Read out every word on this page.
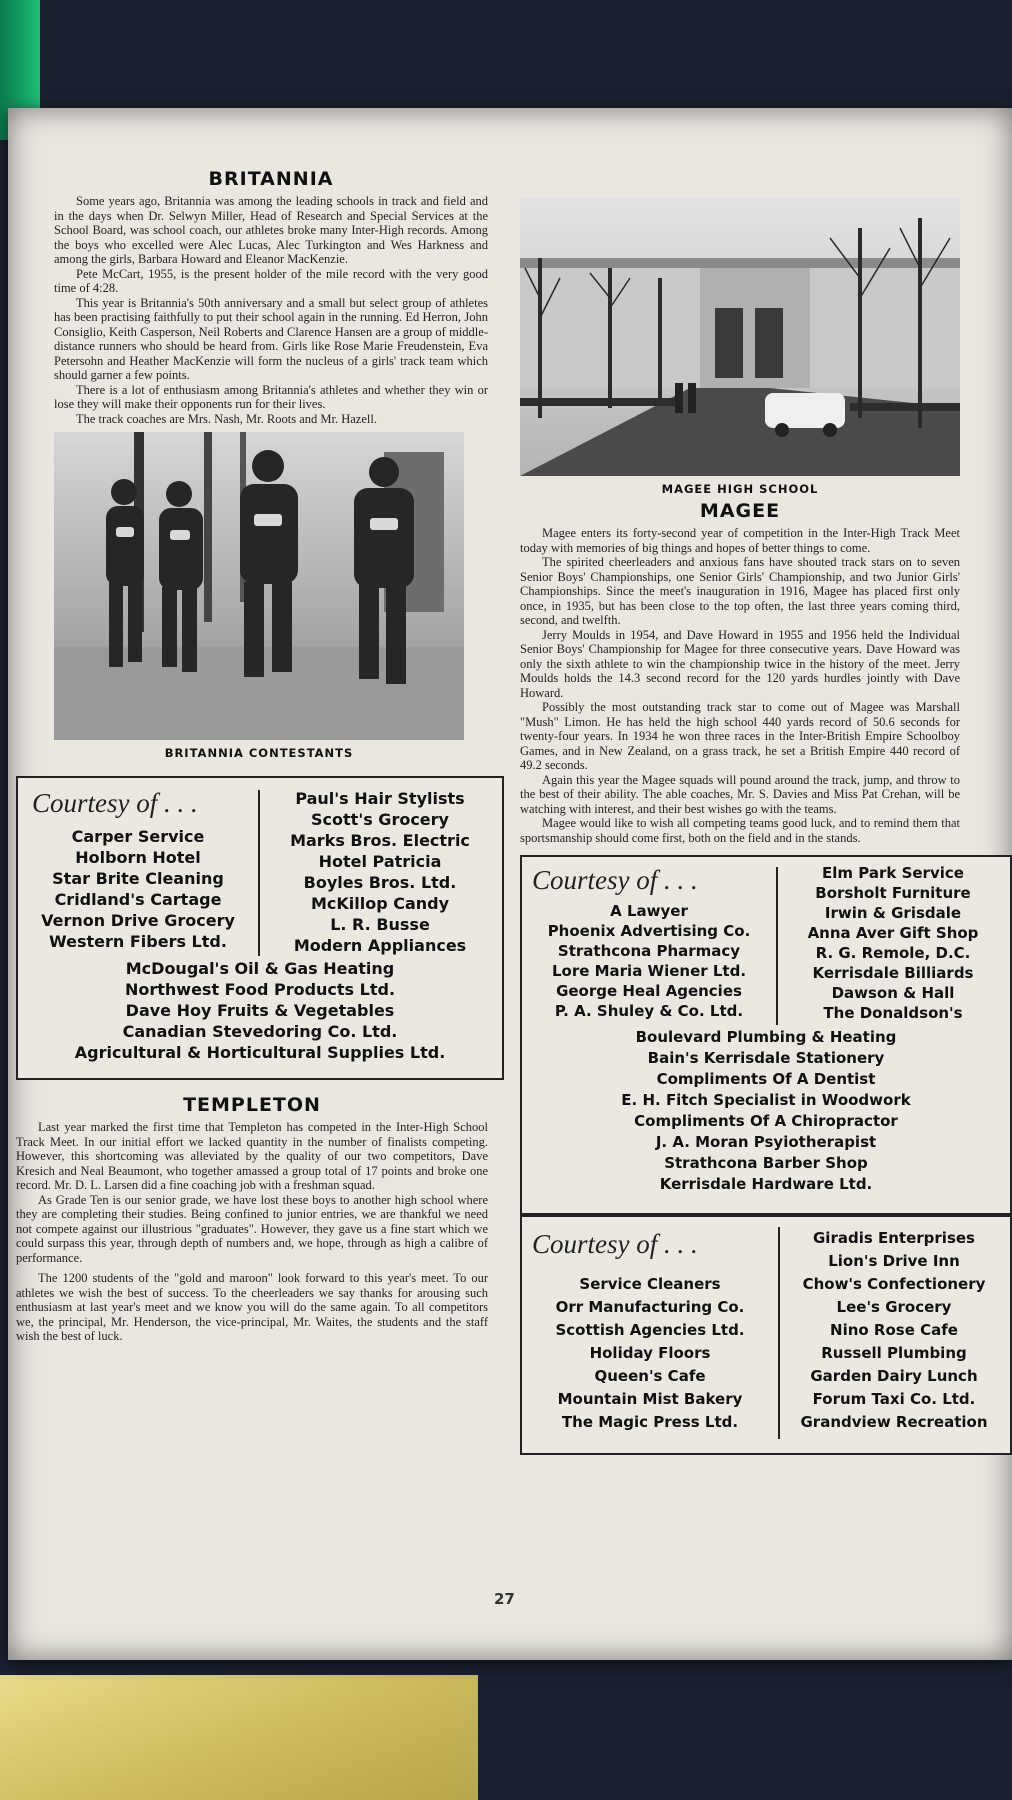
BRITANNIA

Some years ago, Britannia was among the leading schools in track and field and in the days when Dr. Selwyn Miller, Head of Research and Special Services at the School Board, was school coach, our athletes broke many Inter-High records. Among the boys who excelled were Alec Lucas, Alec Turkington and Wes Harkness and among the girls, Barbara Howard and Eleanor MacKenzie.

Pete McCart, 1955, is the present holder of the mile record with the very good time of 4:28.

This year is Britannia's 50th anniversary and a small but select group of athletes has been practising faithfully to put their school again in the running. Ed Herron, John Consiglio, Keith Casperson, Neil Roberts and Clarence Hansen are a group of middle-distance runners who should be heard from. Girls like Rose Marie Freudenstein, Eva Petersohn and Heather MacKenzie will form the nucleus of a girls' track team which should garner a few points.

There is a lot of enthusiasm among Britannia's athletes and whether they win or lose they will make their opponents run for their lives.

The track coaches are Mrs. Nash, Mr. Roots and Mr. Hazell.

BRITANNIA CONTESTANTS
Courtesy of . . .
Carper Service
Holborn Hotel
Star Brite Cleaning
Cridland's Cartage
Vernon Drive Grocery
Western Fibers Ltd.
Paul's Hair Stylists
Scott's Grocery
Marks Bros. Electric
Hotel Patricia
Boyles Bros. Ltd.
McKillop Candy
L. R. Busse
Modern Appliances
McDougal's Oil & Gas Heating
Northwest Food Products Ltd.
Dave Hoy Fruits & Vegetables
Canadian Stevedoring Co. Ltd.
Agricultural & Horticultural Supplies Ltd.
TEMPLETON

Last year marked the first time that Templeton has competed in the Inter-High School Track Meet. In our initial effort we lacked quantity in the number of finalists competing. However, this shortcoming was alleviated by the quality of our two competitors, Dave Kresich and Neal Beaumont, who together amassed a group total of 17 points and broke one record. Mr. D. L. Larsen did a fine coaching job with a freshman squad.

As Grade Ten is our senior grade, we have lost these boys to another high school where they are completing their studies. Being confined to junior entries, we are thankful we need not compete against our illustrious "graduates". However, they gave us a fine start which we could surpass this year, through depth of numbers and, we hope, through as high a calibre of performance.

The 1200 students of the "gold and maroon" look forward to this year's meet. To our athletes we wish the best of success. To the cheerleaders we say thanks for arousing such enthusiasm at last year's meet and we know you will do the same again. To all competitors we, the principal, Mr. Henderson, the vice-principal, Mr. Waites, the students and the staff wish the best of luck.

MAGEE HIGH SCHOOL
MAGEE

Magee enters its forty-second year of competition in the Inter-High Track Meet today with memories of big things and hopes of better things to come.

The spirited cheerleaders and anxious fans have shouted track stars on to seven Senior Boys' Championships, one Senior Girls' Championship, and two Junior Girls' Championships. Since the meet's inauguration in 1916, Magee has placed first only once, in 1935, but has been close to the top often, the last three years coming third, second, and twelfth.

Jerry Moulds in 1954, and Dave Howard in 1955 and 1956 held the Individual Senior Boys' Championship for Magee for three consecutive years. Dave Howard was only the sixth athlete to win the championship twice in the history of the meet. Jerry Moulds holds the 14.3 second record for the 120 yards hurdles jointly with Dave Howard.

Possibly the most outstanding track star to come out of Magee was Marshall "Mush" Limon. He has held the high school 440 yards record of 50.6 seconds for twenty-four years. In 1934 he won three races in the Inter-British Empire Schoolboy Games, and in New Zealand, on a grass track, he set a British Empire 440 record of 49.2 seconds.

Again this year the Magee squads will pound around the track, jump, and throw to the best of their ability. The able coaches, Mr. S. Davies and Miss Pat Crehan, will be watching with interest, and their best wishes go with the teams.

Magee would like to wish all competing teams good luck, and to remind them that sportsmanship should come first, both on the field and in the stands.

Courtesy of . . .
A Lawyer
Phoenix Advertising Co.
Strathcona Pharmacy
Lore Maria Wiener Ltd.
George Heal Agencies
P. A. Shuley & Co. Ltd.
Elm Park Service
Borsholt Furniture
Irwin & Grisdale
Anna Aver Gift Shop
R. G. Remole, D.C.
Kerrisdale Billiards
Dawson & Hall
The Donaldson's
Boulevard Plumbing & Heating
Bain's Kerrisdale Stationery
Compliments Of A Dentist
E. H. Fitch Specialist in Woodwork
Compliments Of A Chiropractor
J. A. Moran Psyiotherapist
Strathcona Barber Shop
Kerrisdale Hardware Ltd.
Courtesy of . . .
Service Cleaners
Orr Manufacturing Co.
Scottish Agencies Ltd.
Holiday Floors
Queen's Cafe
Mountain Mist Bakery
The Magic Press Ltd.
Giradis Enterprises
Lion's Drive Inn
Chow's Confectionery
Lee's Grocery
Nino Rose Cafe
Russell Plumbing
Garden Dairy Lunch
Forum Taxi Co. Ltd.
Grandview Recreation
27
